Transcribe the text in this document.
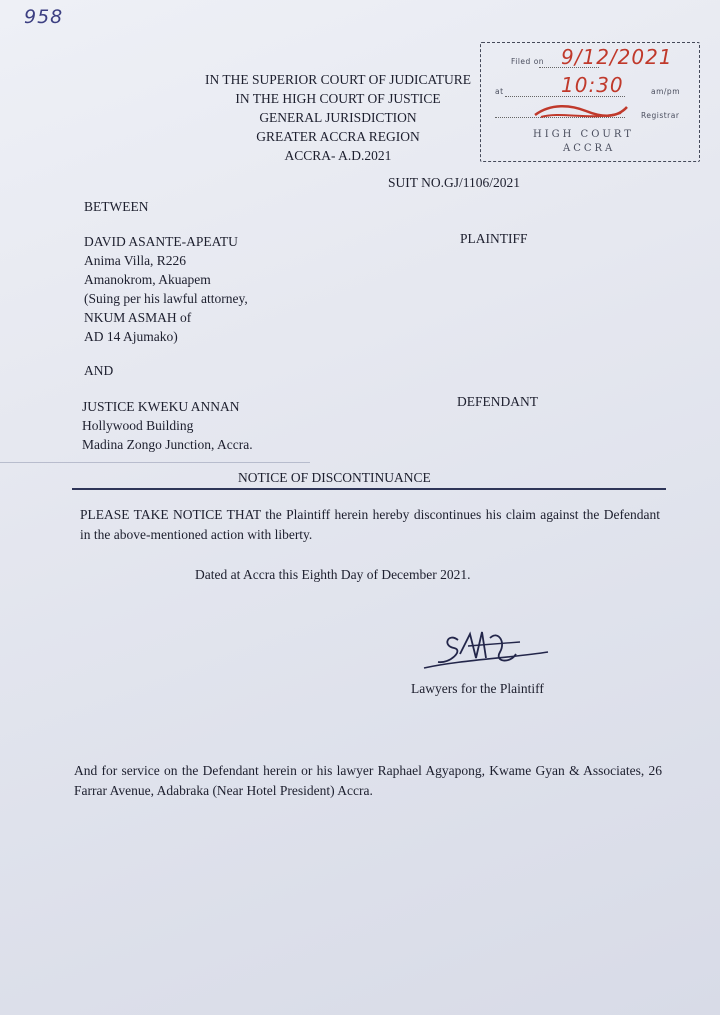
958
IN THE SUPERIOR COURT OF JUDICATURE
IN THE HIGH COURT OF JUSTICE
GENERAL JURISDICTION
GREATER ACCRA REGION
ACCRA- A.D.2021
Filed on 9/12/2021
at	10:30	am/pm
Registrar
HIGH COURT
ACCRA
SUIT NO.GJ/1106/2021
BETWEEN
DAVID ASANTE-APEATU
Anima Villa, R226
Amanokrom, Akuapem
(Suing per his lawful attorney,
NKUM ASMAH of
AD 14 Ajumako)
PLAINTIFF
AND
JUSTICE KWEKU ANNAN
Hollywood Building
Madina Zongo Junction, Accra.
DEFENDANT
NOTICE OF DISCONTINUANCE
PLEASE TAKE NOTICE THAT the Plaintiff herein hereby discontinues his claim against the Defendant in the above-mentioned action with liberty.
Dated at Accra this Eighth Day of December 2021.
Lawyers for the Plaintiff
And for service on the Defendant herein or his lawyer Raphael Agyapong, Kwame Gyan & Associates, 26 Farrar Avenue, Adabraka (Near Hotel President) Accra.
